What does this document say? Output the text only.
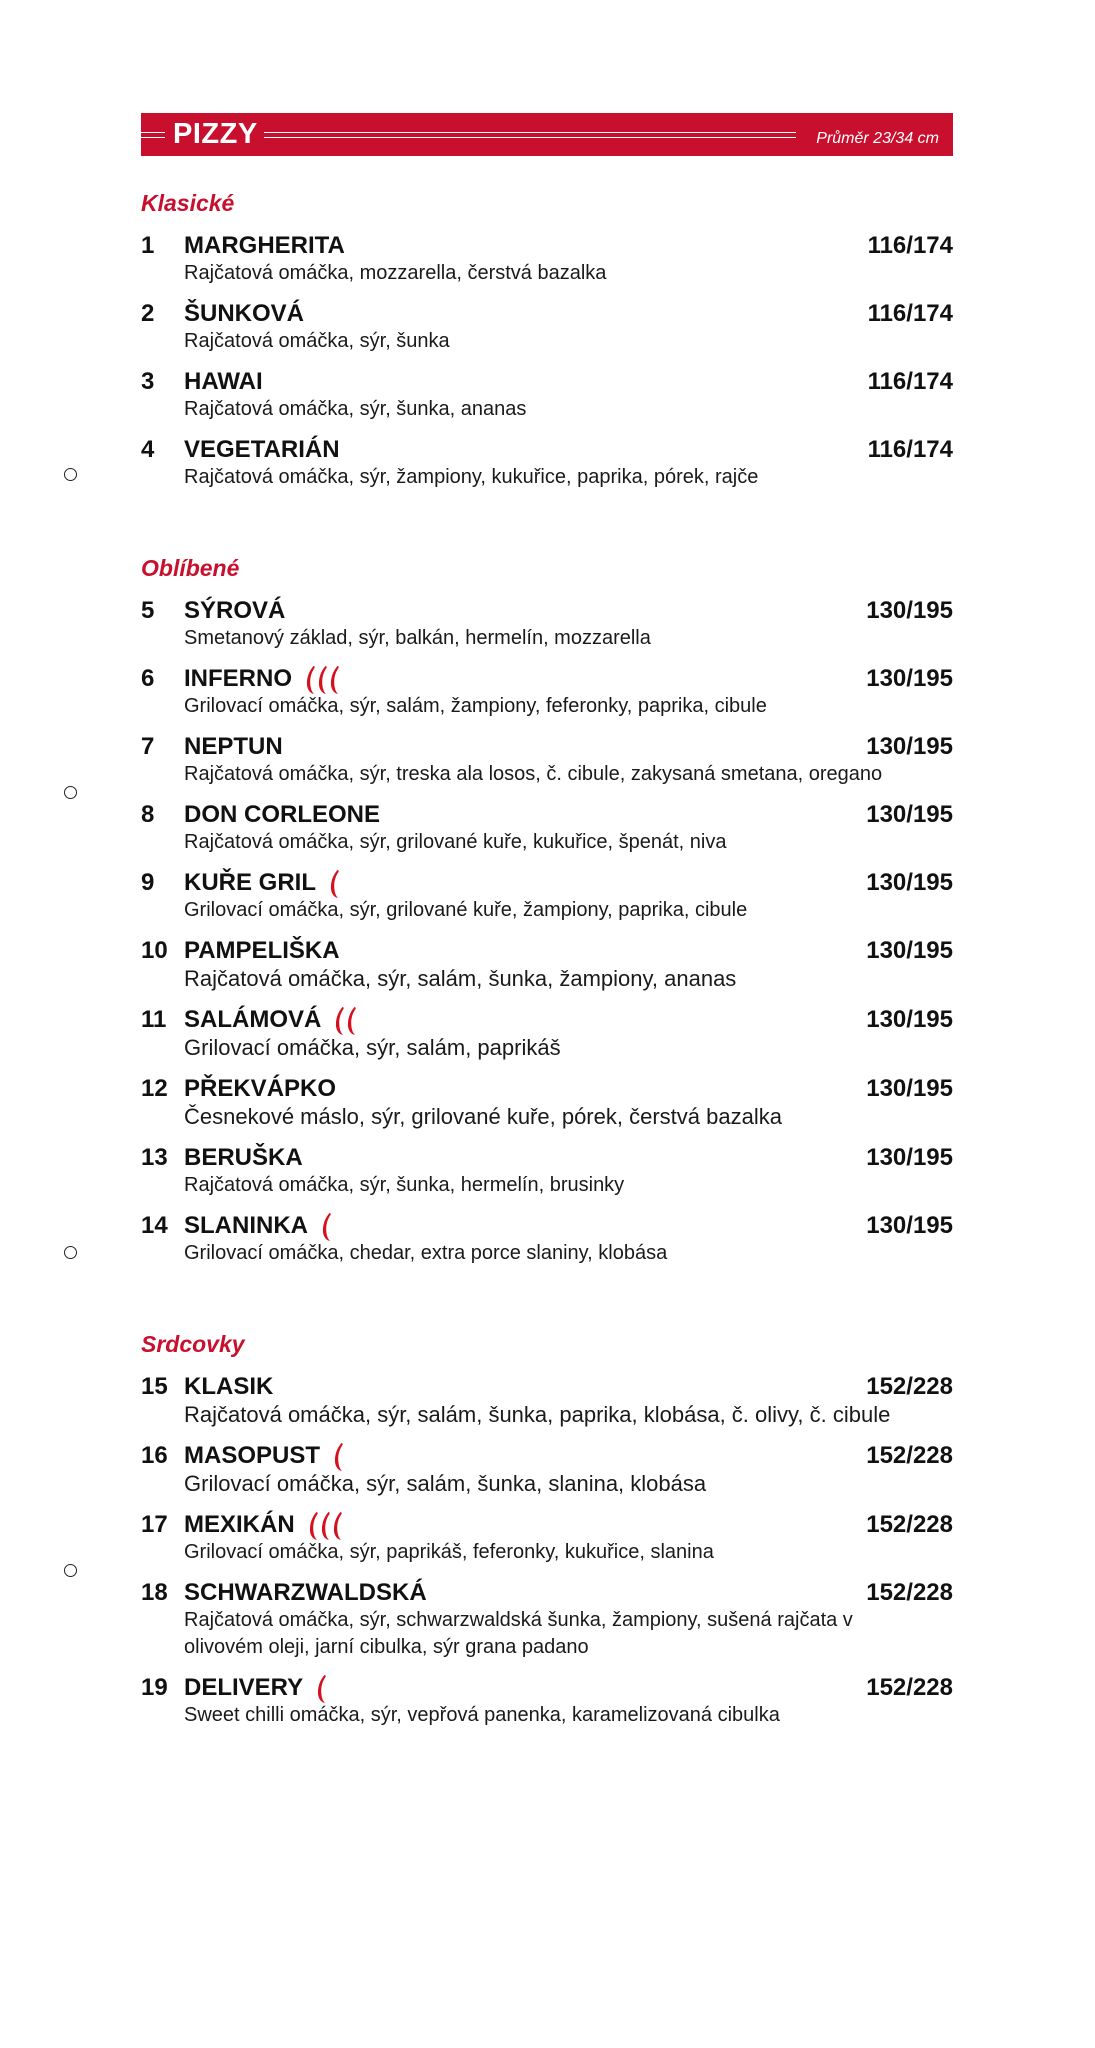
PIZZY	Průměr 23/34 cm
Klasické
1	MARGHERITA	116/174
Rajčatová omáčka, mozzarella, čerstvá bazalka
2	ŠUNKOVÁ	116/174
Rajčatová omáčka, sýr, šunka
3	HAWAI	116/174
Rajčatová omáčka, sýr, šunka, ananas
4	VEGETARIÁN	116/174
Rajčatová omáčka, sýr, žampiony, kukuřice, paprika, pórek, rajče
Oblíbené
5	SÝROVÁ	130/195
Smetanový základ, sýr, balkán, hermelín, mozzarella
6	INFERNO	130/195
Grilovací omáčka, sýr, salám, žampiony, feferonky, paprika, cibule
7	NEPTUN	130/195
Rajčatová omáčka, sýr, treska ala losos, č. cibule, zakysaná smetana, oregano
8	DON CORLEONE	130/195
Rajčatová omáčka, sýr, grilované kuře, kukuřice, špenát, niva
9	KUŘE GRIL	130/195
Grilovací omáčka, sýr, grilované kuře, žampiony, paprika, cibule
10 PAMPELIŠKA	130/195
Rajčatová omáčka, sýr, salám, šunka, žampiony, ananas
11 SALÁMOVÁ	130/195
Grilovací omáčka, sýr, salám, paprikáš
12 PŘEKVÁPKO	130/195
Česnekové máslo, sýr, grilované kuře, pórek, čerstvá bazalka
13 BERUŠKA	130/195
Rajčatová omáčka, sýr, šunka, hermelín, brusinky
14 SLANINKA	130/195
Grilovací omáčka, chedar, extra porce slaniny, klobása
Srdcovky
15 KLASIK	152/228
Rajčatová omáčka, sýr, salám, šunka, paprika, klobása, č. olivy, č. cibule
16 MASOPUST	152/228
Grilovací omáčka, sýr, salám, šunka, slanina, klobása
17 MEXIKÁN	152/228
Grilovací omáčka, sýr, paprikáš, feferonky, kukuřice, slanina
18 SCHWARZWALDSKÁ	152/228
Rajčatová omáčka, sýr, schwarzwaldská šunka, žampiony, sušená rajčata v olivovém oleji, jarní cibulka, sýr grana padano
19 DELIVERY	152/228
Sweet chilli omáčka, sýr, vepřová panenka, karamelizovaná cibulka
